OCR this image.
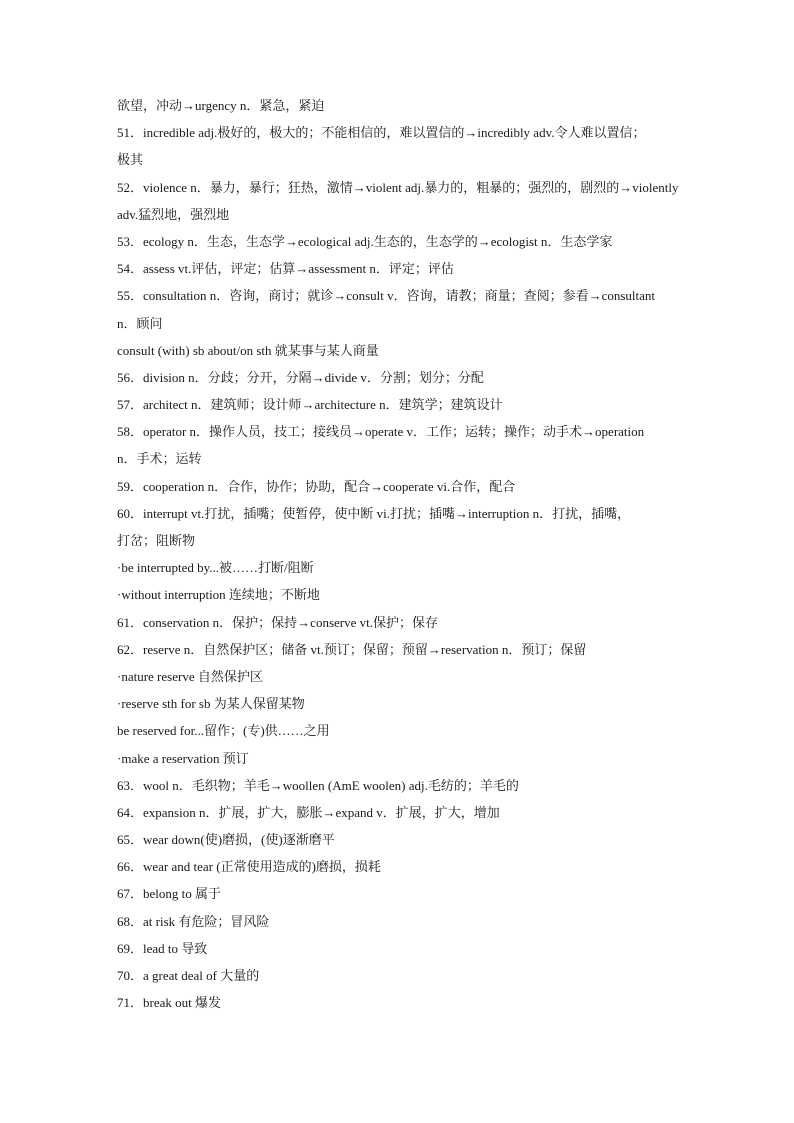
欲望，冲动→urgency n．紧急，紧迫
51．incredible adj.极好的，极大的；不能相信的，难以置信的→incredibly adv.令人难以置信；
极其
52．violence n．暴力，暴行；狂热，激情→violent adj.暴力的，粗暴的；强烈的，剧烈的→violently
adv.猛烈地，强烈地
53．ecology n．生态，生态学→ecological adj.生态的，生态学的→ecologist n．生态学家
54．assess vt.评估，评定；估算→assessment n．评定；评估
55．consultation n．咨询，商讨；就诊→consult v．咨询，请教；商量；查阅；参看→consultant
n．顾问
consult (with) sb about/on sth 就某事与某人商量
56．division n．分歧；分开，分隔→divide v．分割；划分；分配
57．architect n．建筑师；设计师→architecture n．建筑学；建筑设计
58．operator n．操作人员，技工；接线员→operate v．工作；运转；操作；动手术→operation
n．手术；运转
59．cooperation n．合作，协作；协助，配合→cooperate vi.合作，配合
60．interrupt vt.打扰，插嘴；使暂停，使中断 vi.打扰；插嘴→interruption n．打扰，插嘴，
打岔；阻断物
·be interrupted by...被……打断/阻断
·without interruption 连续地；不断地
61．conservation n．保护；保持→conserve vt.保护；保存
62．reserve n．自然保护区；储备 vt.预订；保留；预留→reservation n．预订；保留
·nature reserve 自然保护区
·reserve sth for sb 为某人保留某物
be reserved for...留作；(专)供……之用
·make a reservation 预订
63．wool n．毛织物；羊毛→woollen (AmE woolen) adj.毛纺的；羊毛的
64．expansion n．扩展，扩大，膨胀→expand v．扩展，扩大，增加
65．wear down(使)磨损，(使)逐渐磨平
66．wear and tear (正常使用造成的)磨损，损耗
67．belong to 属于
68．at risk 有危险；冒风险
69．lead to 导致
70．a great deal of 大量的
71．break out 爆发
